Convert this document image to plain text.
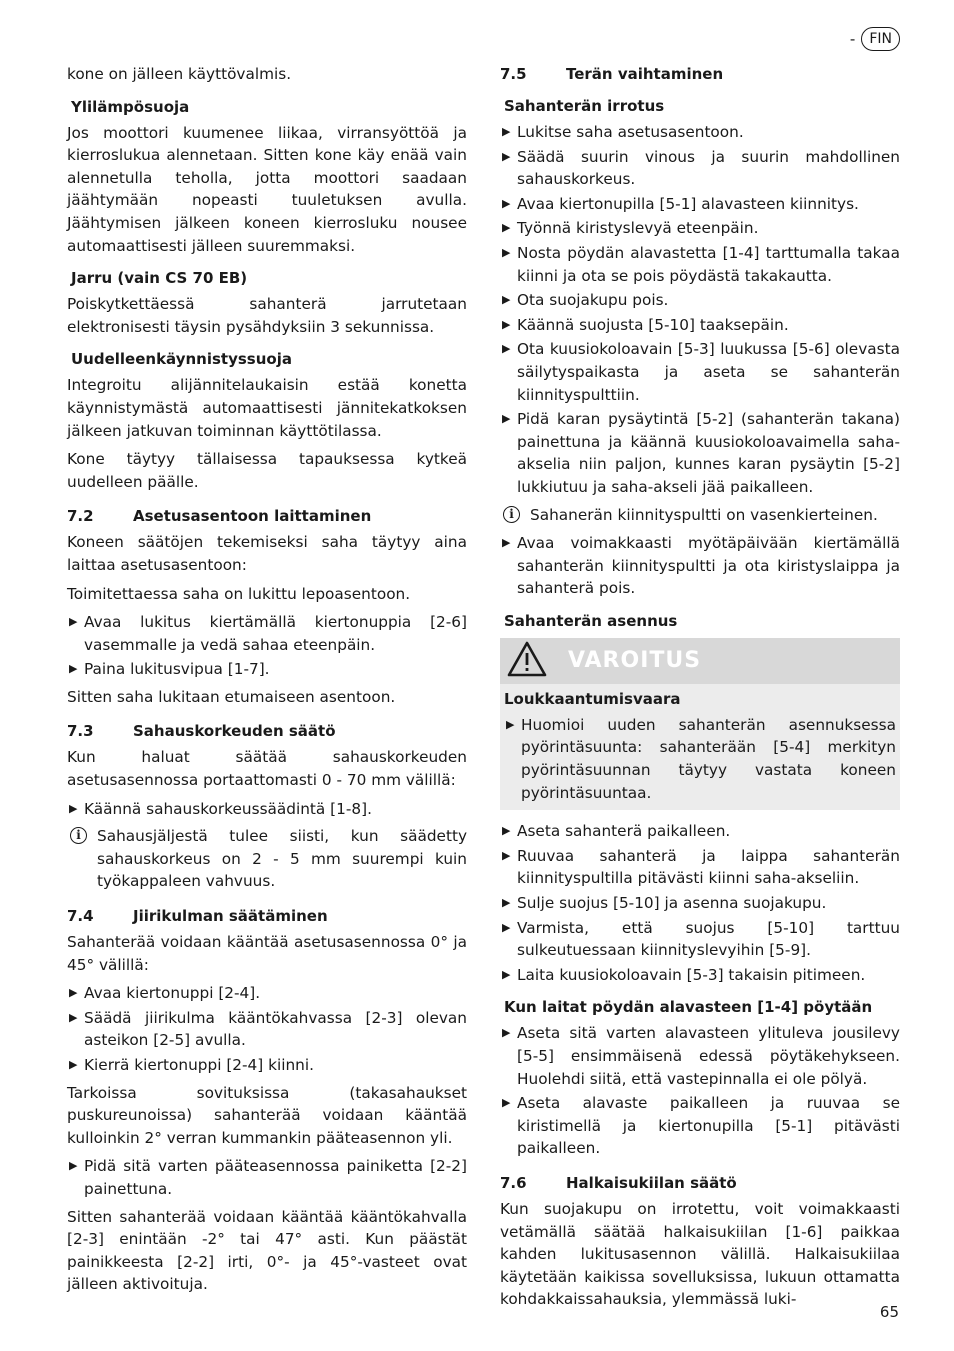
-	FIN

kone on jälleen käyttövalmis.

Ylilämpösuoja

Jos moottori kuumenee liikaa, virransyöttöä ja kierroslukua alennetaan. Sitten kone käy enää vain alennetulla teholla, jotta moottori saadaan jäähtymään nopeasti tuuletuksen avulla. Jäähtymisen jälkeen koneen kierrosluku nousee automaattisesti jälleen suuremmaksi.

Jarru (vain CS 70 EB)

Poiskytkettäessä sahanterä jarrutetaan elektronisesti täysin pysähdyksiin 3 sekunnissa.

Uudelleenkäynnistyssuoja

Integroitu alijännitelaukaisin estää konetta käynnistymästä automaattisesti jännitekatkoksen jälkeen jatkuvan toiminnan käyttötilassa.

Kone täytyy tällaisessa tapauksessa kytkeä uudelleen päälle.

7.2	Asetusasentoon laittaminen

Koneen säätöjen tekemiseksi saha täytyy aina laittaa asetusasentoon:

Toimitettaessa saha on lukittu lepoasentoon.

▶ Avaa lukitus kiertämällä kiertonuppia [2-6] vasemmalle ja vedä sahaa eteenpäin.
▶ Paina lukitusvipua [1-7].

Sitten saha lukitaan etumaiseen asentoon.

7.3	Sahauskorkeuden säätö

Kun haluat säätää sahauskorkeuden asetusasennossa portaattomasti 0 - 70 mm välillä:

▶ Käännä sahauskorkeussäädintä [1-8].
i	Sahausjäljestä tulee siisti, kun säädetty sahauskorkeus on 2 - 5 mm suurempi kuin työkappaleen vahvuus.
7.4	Jiirikulman säätäminen

Sahanterää voidaan kääntää asetusasennossa 0° ja 45° välillä:

▶ Avaa kiertonuppi [2-4].
▶ Säädä jiirikulma kääntökahvassa [2-3] olevan asteikon [2-5] avulla.
▶ Kierrä kiertonuppi [2-4] kiinni.

Tarkoissa sovituksissa (takasahaukset puskureunoissa) sahanterää voidaan kääntää kulloinkin 2° verran kummankin pääteasennon yli.

▶ Pidä sitä varten pääteasennossa painiketta [2-2] painettuna.

Sitten sahanterää voidaan kääntää kääntökahvalla [2-3] enintään -2° tai 47° asti. Kun päästät painikkeesta [2-2] irti, 0°- ja 45°-vasteet ovat jälleen aktivoituja.

7.5	Terän vaihtaminen
Sahanterän irrotus
▶ Lukitse saha asetusasentoon.
▶ Säädä suurin vinous ja suurin mahdollinen sahauskorkeus.
▶ Avaa kiertonupilla [5-1] alavasteen kiinnitys.
▶ Työnnä kiristyslevyä eteenpäin.
▶ Nosta pöydän alavastetta [1-4] tarttumalla takaa kiinni ja ota se pois pöydästä takakautta.
▶ Ota suojakupu pois.
▶ Käännä suojusta [5-10] taaksepäin.
▶ Ota kuusiokoloavain [5-3] luukussa [5-6] olevasta säilytyspaikasta ja aseta se sahanterän kiinnityspulttiin.
▶ Pidä karan pysäytintä [5-2] (sahanterän takana) painettuna ja käännä kuusiokoloavaimella saha-akselia niin paljon, kunnes karan pysäytin [5-2] lukkiutuu ja saha-akseli jää paikalleen.
i	Sahanerän kiinnityspultti on vasenkierteinen.
▶ Avaa voimakkaasti myötäpäivään kiertämällä sahanterän kiinnityspultti ja ota kiristyslaippa ja sahanterä pois.
Sahanterän asennus
VAROITUS
Loukkaantumisvaara
▶ Huomioi uuden sahanterän asennuksessa pyörintäsuunta: sahanterään [5-4] merkityn pyörintäsuunnan täytyy vastata koneen pyörintäsuuntaa.
▶ Aseta sahanterä paikalleen.
▶ Ruuvaa sahanterä ja laippa sahanterän kiinnityspultilla pitävästi kiinni saha-akseliin.
▶ Sulje suojus [5-10] ja asenna suojakupu.
▶ Varmista, että suojus [5-10] tarttuu sulkeutuessaan kiinnityslevyihin [5-9].
▶ Laita kuusiokoloavain [5-3] takaisin pitimeen.
Kun laitat pöydän alavasteen [1-4] pöytään
▶ Aseta sitä varten alavasteen ylituleva jousilevy [5-5] ensimmäisenä edessä pöytäkehykseen. Huolehdi siitä, että vastepinnalla ei ole pölyä.
▶ Aseta alavaste paikalleen ja ruuvaa se kiristimellä ja kiertonupilla [5-1] pitävästi paikalleen.
7.6	Halkaisukiilan säätö

Kun suojakupu on irrotettu, voit voimakkaasti vetämällä säätää halkaisukiilan [1-6] paikkaa kahden lukitusasennon välillä. Halkaisukiilaa käytetään kaikissa sovelluksissa, lukuun ottamatta kohdakkaissahauksia, ylemmässä luki-

65
